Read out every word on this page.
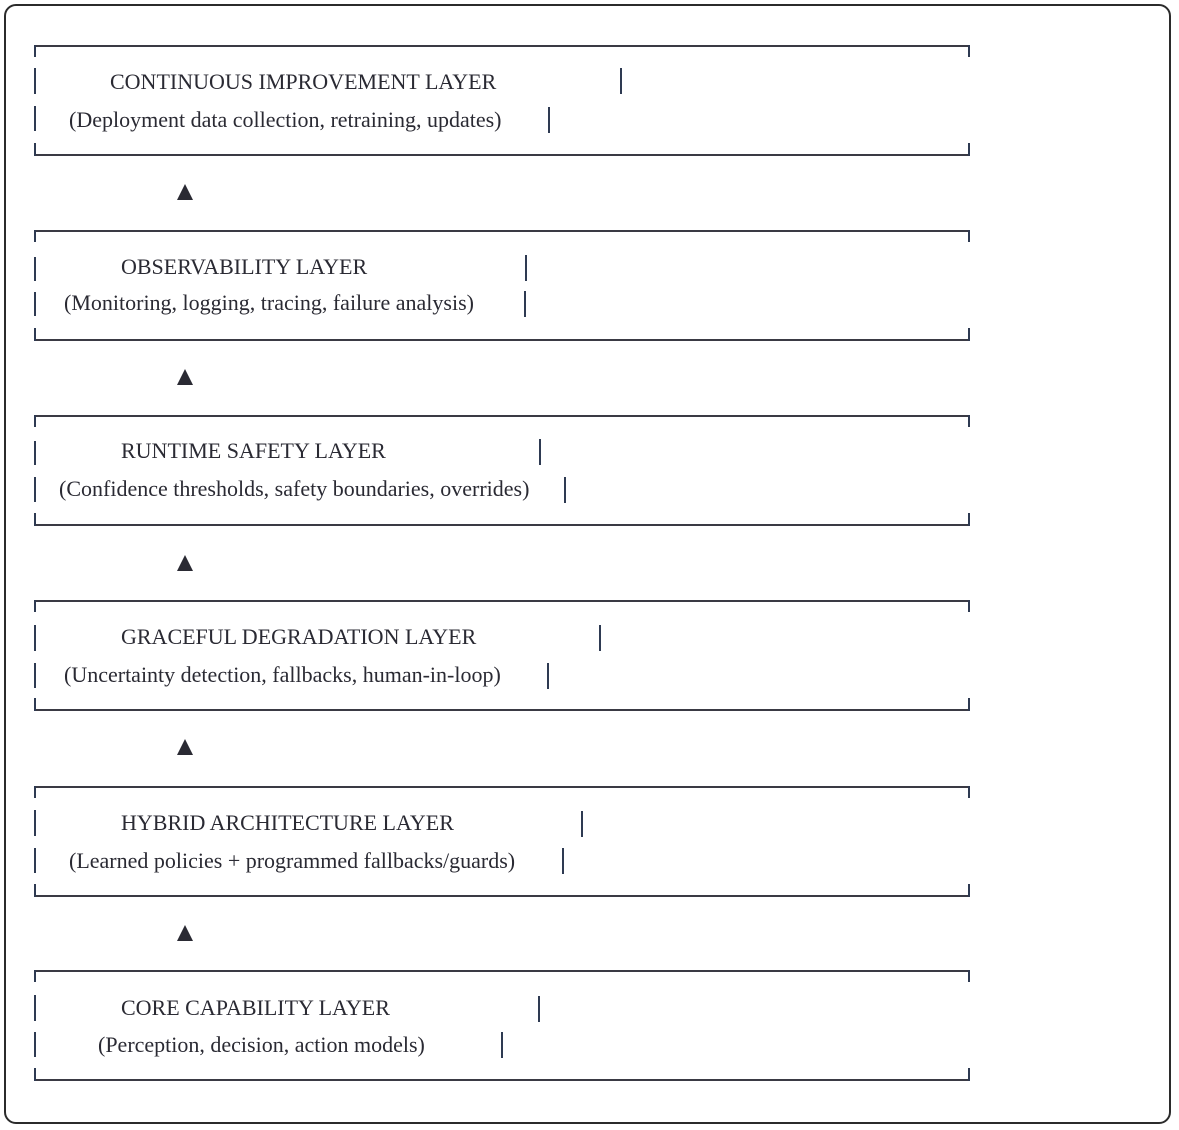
CONTINUOUS IMPROVEMENT LAYER
(Deployment data collection, retraining, updates)
OBSERVABILITY LAYER
(Monitoring, logging, tracing, failure analysis)
RUNTIME SAFETY LAYER
(Confidence thresholds, safety boundaries, overrides)
GRACEFUL DEGRADATION LAYER
(Uncertainty detection, fallbacks, human-in-loop)
HYBRID ARCHITECTURE LAYER
(Learned policies + programmed fallbacks/guards)
CORE CAPABILITY LAYER
(Perception, decision, action models)
